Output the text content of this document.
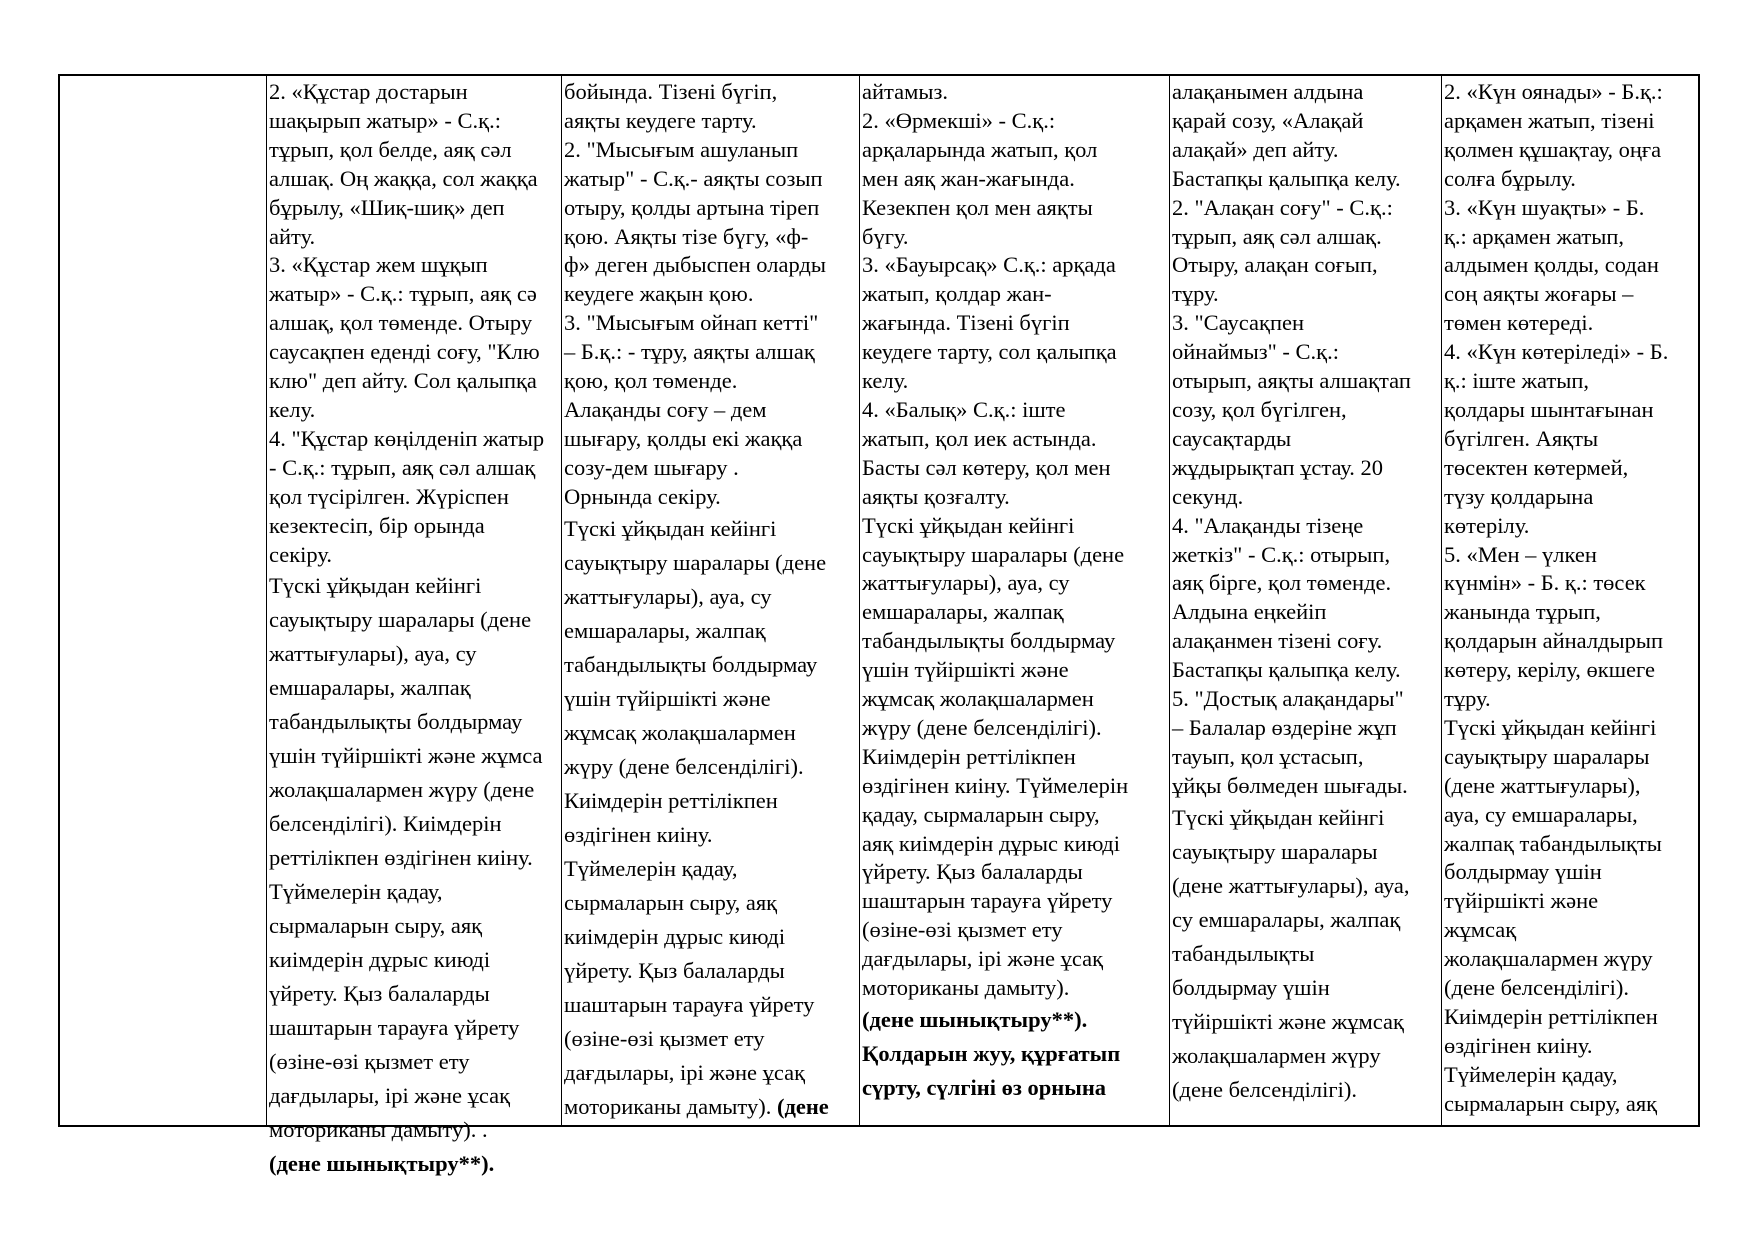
2. «Құстар достарын
шақырып жатыр» - С.қ.:
тұрып, қол белде, аяқ сәл
алшақ. Оң жаққа, сол жаққа
бұрылу, «Шиқ-шиқ» деп
айту.
3. «Құстар жем шұқып
жатыр» - С.қ.: тұрып, аяқ сә
алшақ, қол төменде. Отыру
саусақпен еденді соғу, "Клю
клю" деп айту. Сол қалыпқа
келу.
4. "Құстар көңілденіп жатыр
- С.қ.: тұрып, аяқ сәл алшақ
қол түсірілген. Жүріспен
кезектесіп, бір орында
секіру.
Түскі ұйқыдан кейінгі
сауықтыру шаралары (дене
жаттығулары), ауа, су
емшаралары, жалпақ
табандылықты болдырмау
үшін түйіршікті және жұмса
жолақшалармен жүру (дене
белсенділігі). Киімдерін
реттілікпен өздігінен киіну.
Түймелерін қадау,
сырмаларын сыру, аяқ
киімдерін дұрыс киюді
үйрету. Қыз балаларды
шаштарын тарауға үйрету
(өзіне-өзі қызмет ету
дағдылары, ірі және ұсақ
моториканы дамыту). .
(дене шынықтыру**).
бойында. Тізені бүгіп,
аяқты кеудеге тарту.
2. "Мысығым ашуланып
жатыр" - С.қ.- аяқты созып
отыру, қолды артына тіреп
қою. Аяқты тізе бүгу, «ф-
ф» деген дыбыспен оларды
кеудеге жақын қою.
3. "Мысығым ойнап кетті"
– Б.қ.: - тұру, аяқты алшақ
қою, қол төменде.
Алақанды соғу – дем
шығару, қолды екі жаққа
созу-дем шығару .
Орнында секіру.
Түскі ұйқыдан кейінгі
сауықтыру шаралары (дене
жаттығулары), ауа, су
емшаралары, жалпақ
табандылықты болдырмау
үшін түйіршікті және
жұмсақ жолақшалармен
жүру (дене белсенділігі).
Киімдерін реттілікпен
өздігінен киіну.
Түймелерін қадау,
сырмаларын сыру, аяқ
киімдерін дұрыс киюді
үйрету. Қыз балаларды
шаштарын тарауға үйрету
(өзіне-өзі қызмет ету
дағдылары, ірі және ұсақ
моториканы дамыту). (дене
айтамыз.
2. «Өрмекші» - С.қ.:
арқаларында жатып, қол
мен аяқ жан-жағында.
Кезекпен қол мен аяқты
бүгу.
3. «Бауырсақ» С.қ.: арқада
жатып, қолдар жан-
жағында. Тізені бүгіп
кеудеге тарту, сол қалыпқа
келу.
4. «Балық» С.қ.: іште
жатып, қол иек астында.
Басты сәл көтеру, қол мен
аяқты қозғалту.
Түскі ұйқыдан кейінгі
сауықтыру шаралары (дене
жаттығулары), ауа, су
емшаралары, жалпақ
табандылықты болдырмау
үшін түйіршікті және
жұмсақ жолақшалармен
жүру (дене белсенділігі).
Киімдерін реттілікпен
өздігінен киіну. Түймелерін
қадау, сырмаларын сыру,
аяқ киімдерін дұрыс киюді
үйрету. Қыз балаларды
шаштарын тарауға үйрету
(өзіне-өзі қызмет ету
дағдылары, ірі және ұсақ
моториканы дамыту).
(дене шынықтыру**).
Қолдарын жуу, құрғатып
сүрту, сүлгіні өз орнына
алақанымен алдына
қарай созу, «Алақай
алақай» деп айту.
Бастапқы қалыпқа келу.
2. "Алақан соғу" - С.қ.:
тұрып, аяқ сәл алшақ.
Отыру, алақан соғып,
тұру.
3. "Саусақпен
ойнаймыз" - С.қ.:
отырып, аяқты алшақтап
созу, қол бүгілген,
саусақтарды
жұдырықтап ұстау. 20
секунд.
4. "Алақанды тізеңе
жеткіз" - С.қ.: отырып,
аяқ бірге, қол төменде.
Алдына еңкейіп
алақанмен тізені соғу.
Бастапқы қалыпқа келу.
5. "Достық алақандары"
– Балалар өздеріне жұп
тауып, қол ұстасып,
ұйқы бөлмеден шығады.
Түскі ұйқыдан кейінгі
сауықтыру шаралары
(дене жаттығулары), ауа,
су емшаралары, жалпақ
табандылықты
болдырмау үшін
түйіршікті және жұмсақ
жолақшалармен жүру
(дене белсенділігі).
2. «Күн оянады» - Б.қ.:
арқамен жатып, тізені
қолмен құшақтау, оңға
солға бұрылу.
3. «Күн шуақты» - Б.
қ.: арқамен жатып,
алдымен қолды, содан
соң аяқты жоғары –
төмен көтереді.
4. «Күн көтеріледі» - Б.
қ.: іште жатып,
қолдары шынтағынан
бүгілген. Аяқты
төсектен көтермей,
түзу қолдарына
көтерілу.
5. «Мен – үлкен
күнмін» - Б. қ.: төсек
жанында тұрып,
қолдарын айналдырып
көтеру, керілу, өкшеге
тұру.
Түскі ұйқыдан кейінгі
сауықтыру шаралары
(дене жаттығулары),
ауа, су емшаралары,
жалпақ табандылықты
болдырмау үшін
түйіршікті және
жұмсақ
жолақшалармен жүру
(дене белсенділігі).
Киімдерін реттілікпен
өздігінен киіну.
Түймелерін қадау,
сырмаларын сыру, аяқ
